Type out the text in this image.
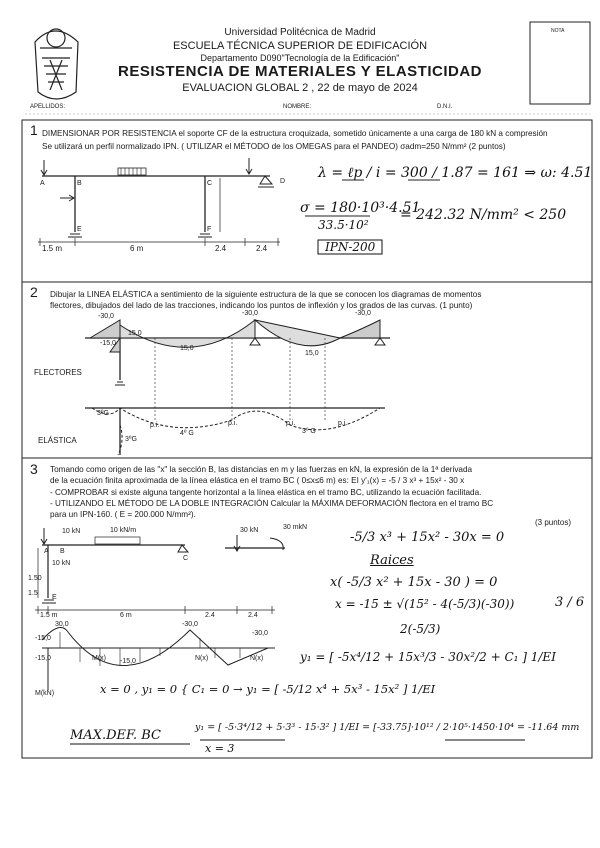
Universidad Politécnica de Madrid
ESCUELA TÉCNICA SUPERIOR DE EDIFICACIÓN
Departamento D090"Tecnología de la Edificación"
RESISTENCIA DE MATERIALES Y ELASTICIDAD
EVALUACION GLOBAL 2 , 22 de mayo de 2024
NOTA
APELLIDOS:	NOMBRE:	D.N.I.
1 DIMENSIONAR POR RESISTENCIA el soporte CF de la estructura croquizada, sometido únicamente a una carga de 180 kN a compresión
Se utilizará un perfil normalizado IPN. ( UTILIZAR el MÉTODO de los OMEGAS para el PANDEO) σadm=250 N/mm² (2 puntos)
A	B	C	D
E	F
1.5 m	6 m	2.4	2.4
λ = ℓp / i = 300 / 1.87 = 161 ⇒ ω: 4.51
σ = 180·10³·4.51
33.5·10²
= 242.32 N/mm² < 250
IPN-200
2 Dibujar la LINEA ELÁSTICA a sentimiento de la siguiente estructura de la que se conocen los diagramas de momentos
flectores, dibujados del lado de las tracciones, indicando los puntos de inflexión y los grados de las curvas. (1 punto)
-30,0	-30,0	-30,0
-15,0
15,0
15,0
15,0
FLECTORES
ELÁSTICA
3ºG
p.i.
4º G
p.i.	p.i.
3º G
p.i.
3ºG
3 Tomando como origen de las "x" la sección B, las distancias en m y las fuerzas en kN, la expresión de la 1ª derivada
de la ecuación finita aproximada de la línea elástica en el tramo BC ( 0≤x≤6 m) es: EI y'₁(x) = -5 / 3 x³ + 15x² - 30 x
- COMPROBAR si existe alguna tangente horizontal a la línea elástica en el tramo BC, utilizando la ecuación facilitada.
- UTILIZANDO EL MÉTODO DE LA DOBLE INTEGRACIÓN Calcular la MÁXIMA DEFORMACIÓN flectora en el tramo BC
para un IPN-160. ( E = 200.000 N/mm²).
(3 puntos)
10 kN	10 kN/m	30 kN	30 mkN
10 kN
1.5 m	6 m	2.4	2.4
1.50
1.5
A B
C
E
30,0	-30,0
-15,0
-15,0
-30,0
-15,0
M(x)	N(x)	N(x)
M(kN)
-5/3 x³ + 15x² - 30x = 0
Raices
x( -5/3 x² + 15x - 30 ) = 0
x = -15 ± √(15² - 4(-5/3)(-30))
2(-5/3)
3 / 6
y₁ = [ -5x⁴/12 + 15x³/3 - 30x²/2 + C₁ ] 1/EI
x = 0 , y₁ = 0 { C₁ = 0 → y₁ = [ -5/12 x⁴ + 5x³ - 15x² ] 1/EI
MAX.DEF. BC
x = 3
y₁ = [ -5·3⁴/12 + 5·3³ - 15·3² ] 1/EI = [-33.75]·10¹² / 2·10⁵·1450·10⁴ = -11.64 mm
